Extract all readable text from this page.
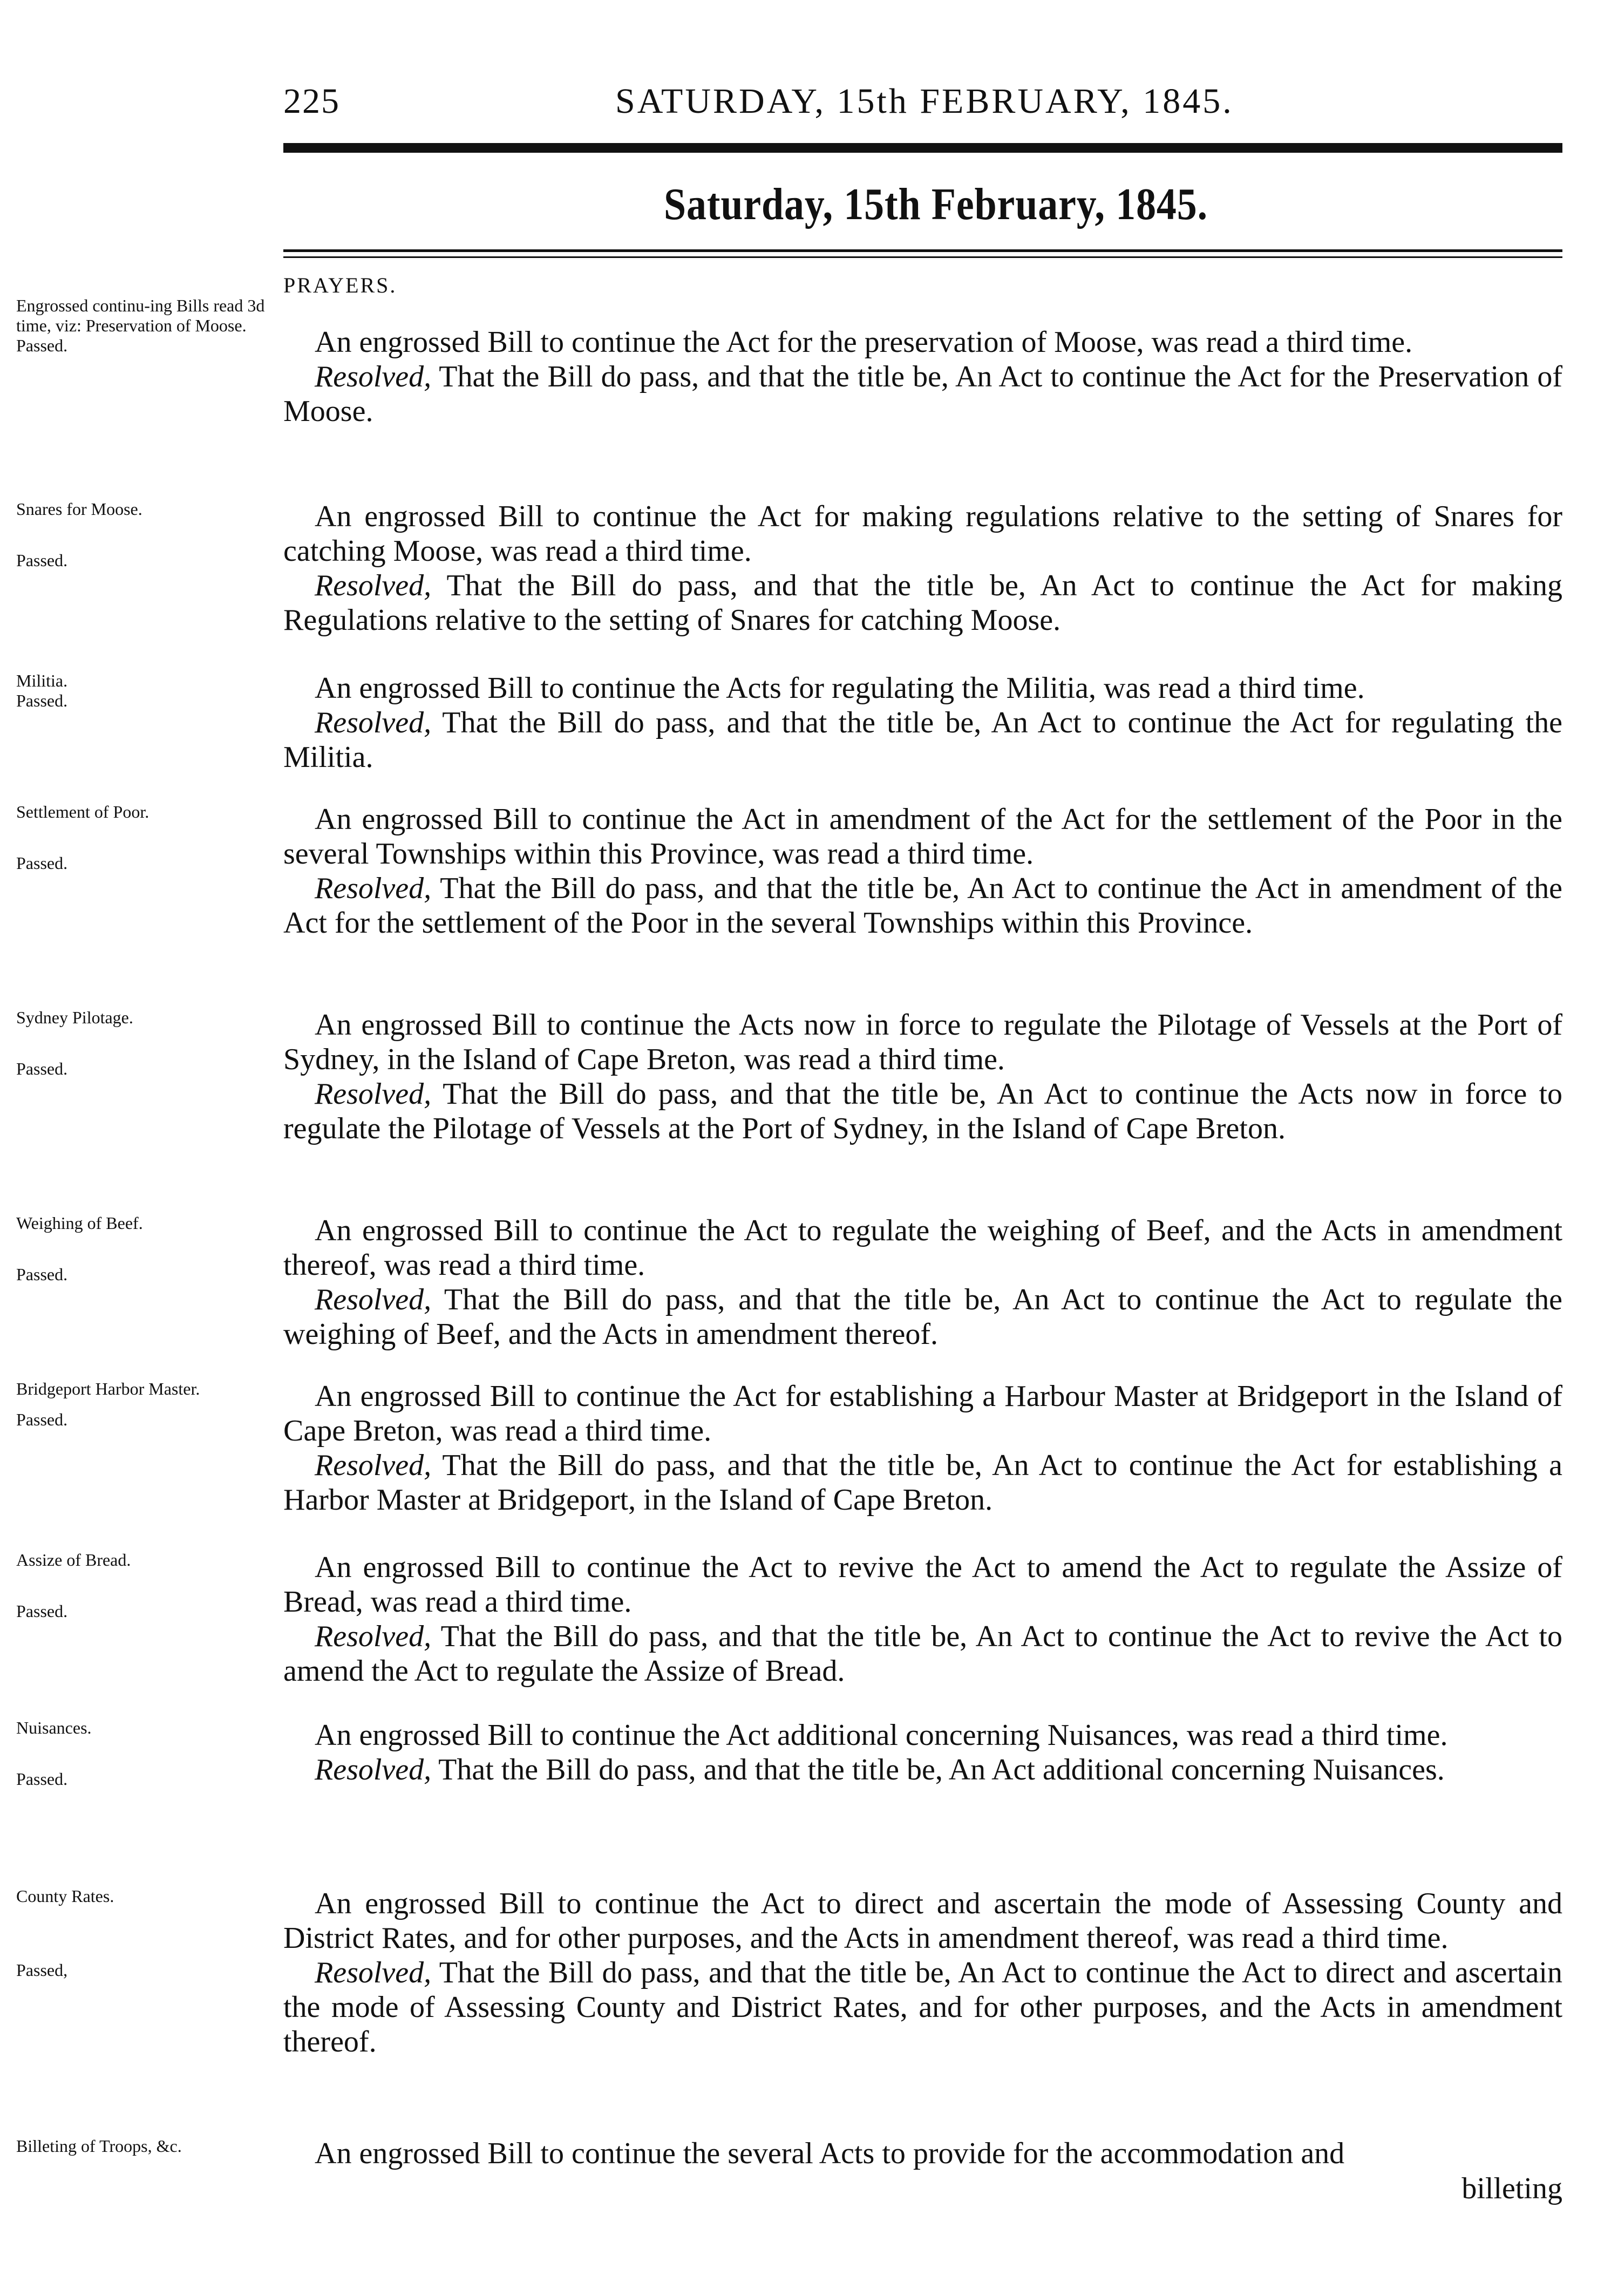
225	SATURDAY, 15th FEBRUARY, 1845.
Saturday, 15th February, 1845.
PRAYERS.

Engrossed continu-ing Bills read 3d time, viz: Preservation of Moose.

Passed.	An engrossed Bill to continue the Act for the preservation of Moose, was read a third time.

Resolved, That the Bill do pass, and that the title be, An Act to continue the Act for the Preservation of Moose.

Snares for Moose.

Passed.

An engrossed Bill to continue the Act for making regulations relative to the setting of Snares for catching Moose, was read a third time.

Resolved, That the Bill do pass, and that the title be, An Act to continue the Act for making Regulations relative to the setting of Snares for catching Moose.

Militia.

Passed.	An engrossed Bill to continue the Acts for regulating the Militia, was read a third time.

Resolved, That the Bill do pass, and that the title be, An Act to continue the Act for regulating the Militia.

Settlement of Poor.

Passed.

An engrossed Bill to continue the Act in amendment of the Act for the settlement of the Poor in the several Townships within this Province, was read a third time.

Resolved, That the Bill do pass, and that the title be, An Act to continue the Act in amendment of the Act for the settlement of the Poor in the several Townships within this Province.

Sydney Pilotage.

Passed.

An engrossed Bill to continue the Acts now in force to regulate the Pilotage of Vessels at the Port of Sydney, in the Island of Cape Breton, was read a third time.

Resolved, That the Bill do pass, and that the title be, An Act to continue the Acts now in force to regulate the Pilotage of Vessels at the Port of Sydney, in the Island of Cape Breton.

Weighing of Beef.

Passed.

An engrossed Bill to continue the Act to regulate the weighing of Beef, and the Acts in amendment thereof, was read a third time.

Resolved, That the Bill do pass, and that the title be, An Act to continue the Act to regulate the weighing of Beef, and the Acts in amendment thereof.

Bridgeport Harbor Master.

Passed.

An engrossed Bill to continue the Act for establishing a Harbour Master at Bridgeport in the Island of Cape Breton, was read a third time.

Resolved, That the Bill do pass, and that the title be, An Act to continue the Act for establishing a Harbor Master at Bridgeport, in the Island of Cape Breton.

Assize of Bread.

Passed.

An engrossed Bill to continue the Act to revive the Act to amend the Act to regulate the Assize of Bread, was read a third time.

Resolved, That the Bill do pass, and that the title be, An Act to continue the Act to revive the Act to amend the Act to regulate the Assize of Bread.

Nuisances.

Passed.

An engrossed Bill to continue the Act additional concerning Nuisances, was read a third time.

Resolved, That the Bill do pass, and that the title be, An Act additional concerning Nuisances.

County Rates.

Passed,

An engrossed Bill to continue the Act to direct and ascertain the mode of Assessing County and District Rates, and for other purposes, and the Acts in amendment thereof, was read a third time.

Resolved, That the Bill do pass, and that the title be, An Act to continue the Act to direct and ascertain the mode of Assessing County and District Rates, and for other purposes, and the Acts in amendment thereof.

Billeting of Troops, &c.	An engrossed Bill to continue the several Acts to provide for the accommodation and

billeting
